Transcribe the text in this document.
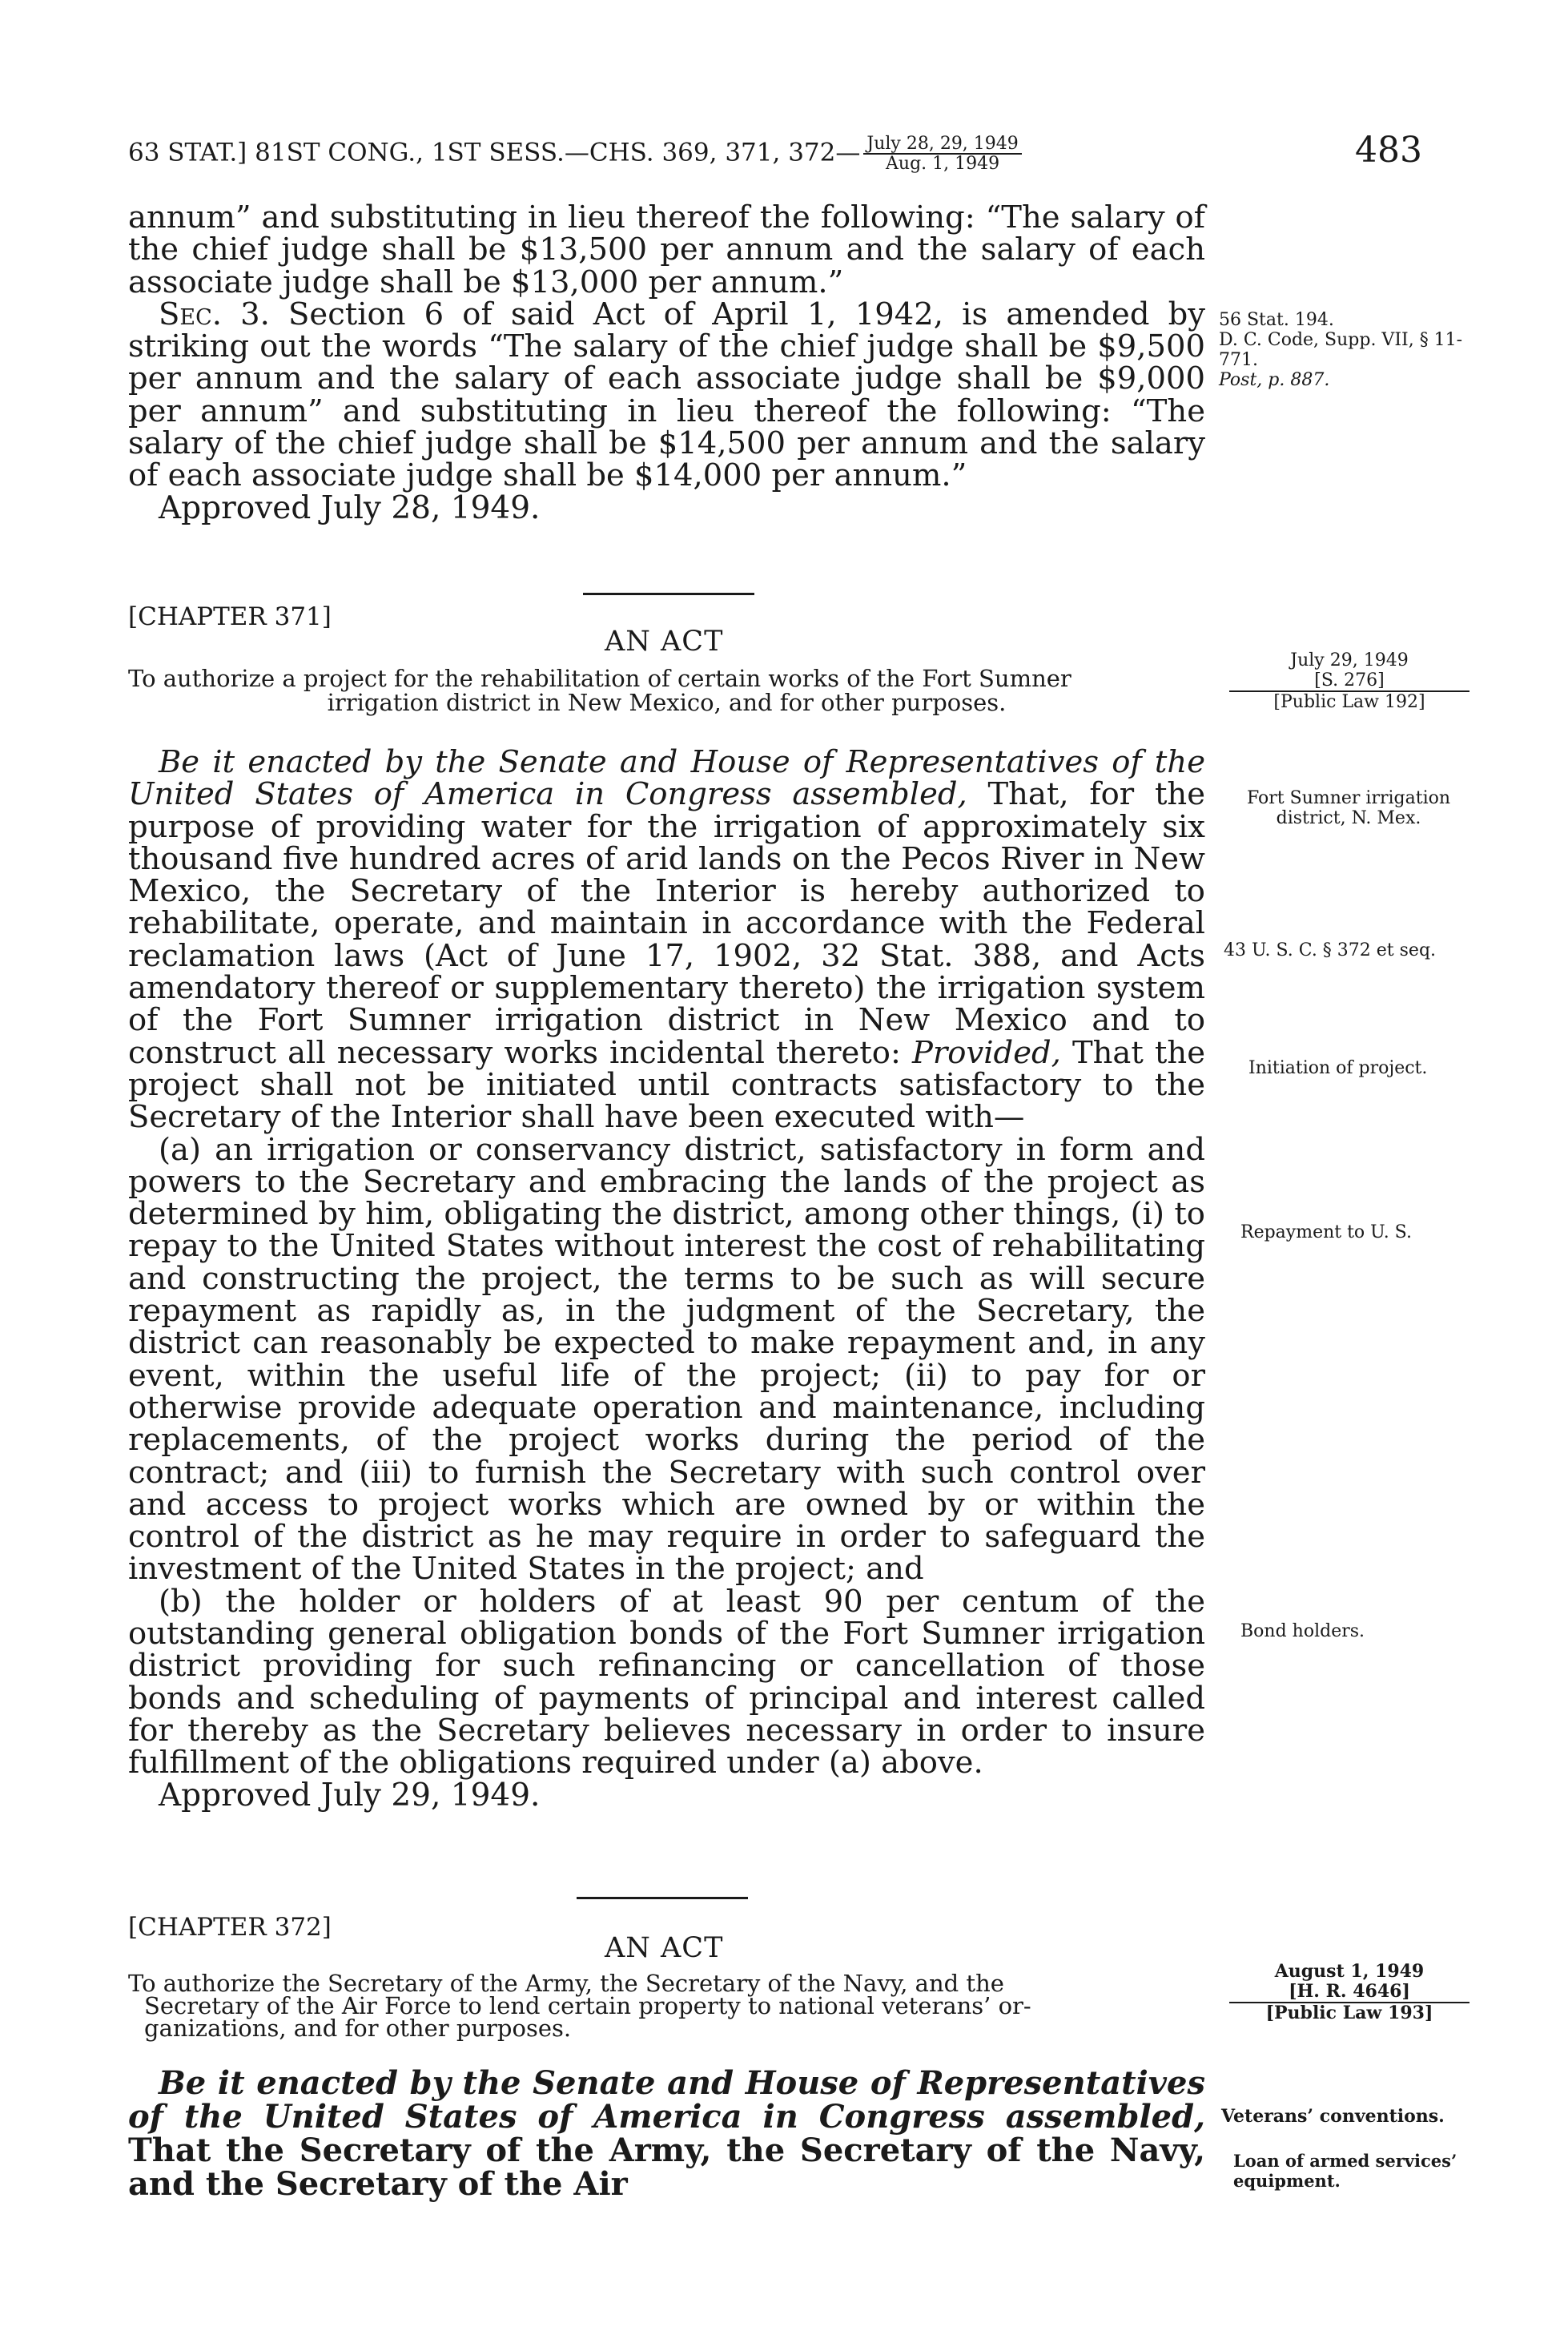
63 STAT.] 81ST CONG., 1ST SESS.—CHS. 369, 371, 372— $\frac{\text{July 28, 29, 1949}}{\text{Aug. 1, 1949}}$	483

annum” and substituting in lieu thereof the following: “The salary of the chief judge shall be $13,500 per annum and the salary of each associate judge shall be $13,000 per annum.”

Sec. 3. Section 6 of said Act of April 1, 1942, is amended by striking out the words “The salary of the chief judge shall be $9,500 per annum and the salary of each associate judge shall be $9,000 per annum” and substituting in lieu thereof the following: “The salary of the chief judge shall be $14,500 per annum and the salary of each associate judge shall be $14,000 per annum.”

Approved July 28, 1949.

56 Stat. 194.
D. C. Code, Supp. VII, § 11-771.
Post, p. 887.
[CHAPTER 371]
AN ACT
To authorize a project for the rehabilitation of certain works of the Fort Sumner
irrigation district in New Mexico, and for other purposes.
July 29, 1949
[S. 276]
[Public Law 192]

Be it enacted by the Senate and House of Representatives of the United States of America in Congress assembled, That, for the purpose of providing water for the irrigation of approximately six thousand five hundred acres of arid lands on the Pecos River in New Mexico, the Secretary of the Interior is hereby authorized to rehabilitate, operate, and maintain in accordance with the Federal reclamation laws (Act of June 17, 1902, 32 Stat. 388, and Acts amendatory thereof or supplementary thereto) the irrigation system of the Fort Sumner irrigation district in New Mexico and to construct all necessary works incidental thereto: Provided, That the project shall not be initiated until contracts satisfactory to the Secretary of the Interior shall have been executed with—

(a) an irrigation or conservancy district, satisfactory in form and powers to the Secretary and embracing the lands of the project as determined by him, obligating the district, among other things, (i) to repay to the United States without interest the cost of rehabilitating and constructing the project, the terms to be such as will secure repayment as rapidly as, in the judgment of the Secretary, the district can reasonably be expected to make repayment and, in any event, within the useful life of the project; (ii) to pay for or otherwise provide adequate operation and maintenance, including replacements, of the project works during the period of the contract; and (iii) to furnish the Secretary with such control over and access to project works which are owned by or within the control of the district as he may require in order to safeguard the investment of the United States in the project; and

(b) the holder or holders of at least 90 per centum of the outstanding general obligation bonds of the Fort Sumner irrigation district providing for such refinancing or cancellation of those bonds and scheduling of payments of principal and interest called for thereby as the Secretary believes necessary in order to insure fulfillment of the obligations required under (a) above.

Approved July 29, 1949.

Fort Sumner irrigation district, N. Mex.
43 U. S. C. § 372 et seq.
Initiation of project.
Repayment to U. S.
Bond holders.
[CHAPTER 372]
AN ACT
To authorize the Secretary of the Army, the Secretary of the Navy, and the
Secretary of the Air Force to lend certain property to national veterans’ or-
ganizations, and for other purposes.
August 1, 1949
[H. R. 4646]
[Public Law 193]

Be it enacted by the Senate and House of Representatives of the United States of America in Congress assembled, That the Secretary of the Army, the Secretary of the Navy, and the Secretary of the Air

Veterans’ conventions.
Loan of armed services’ equipment.
